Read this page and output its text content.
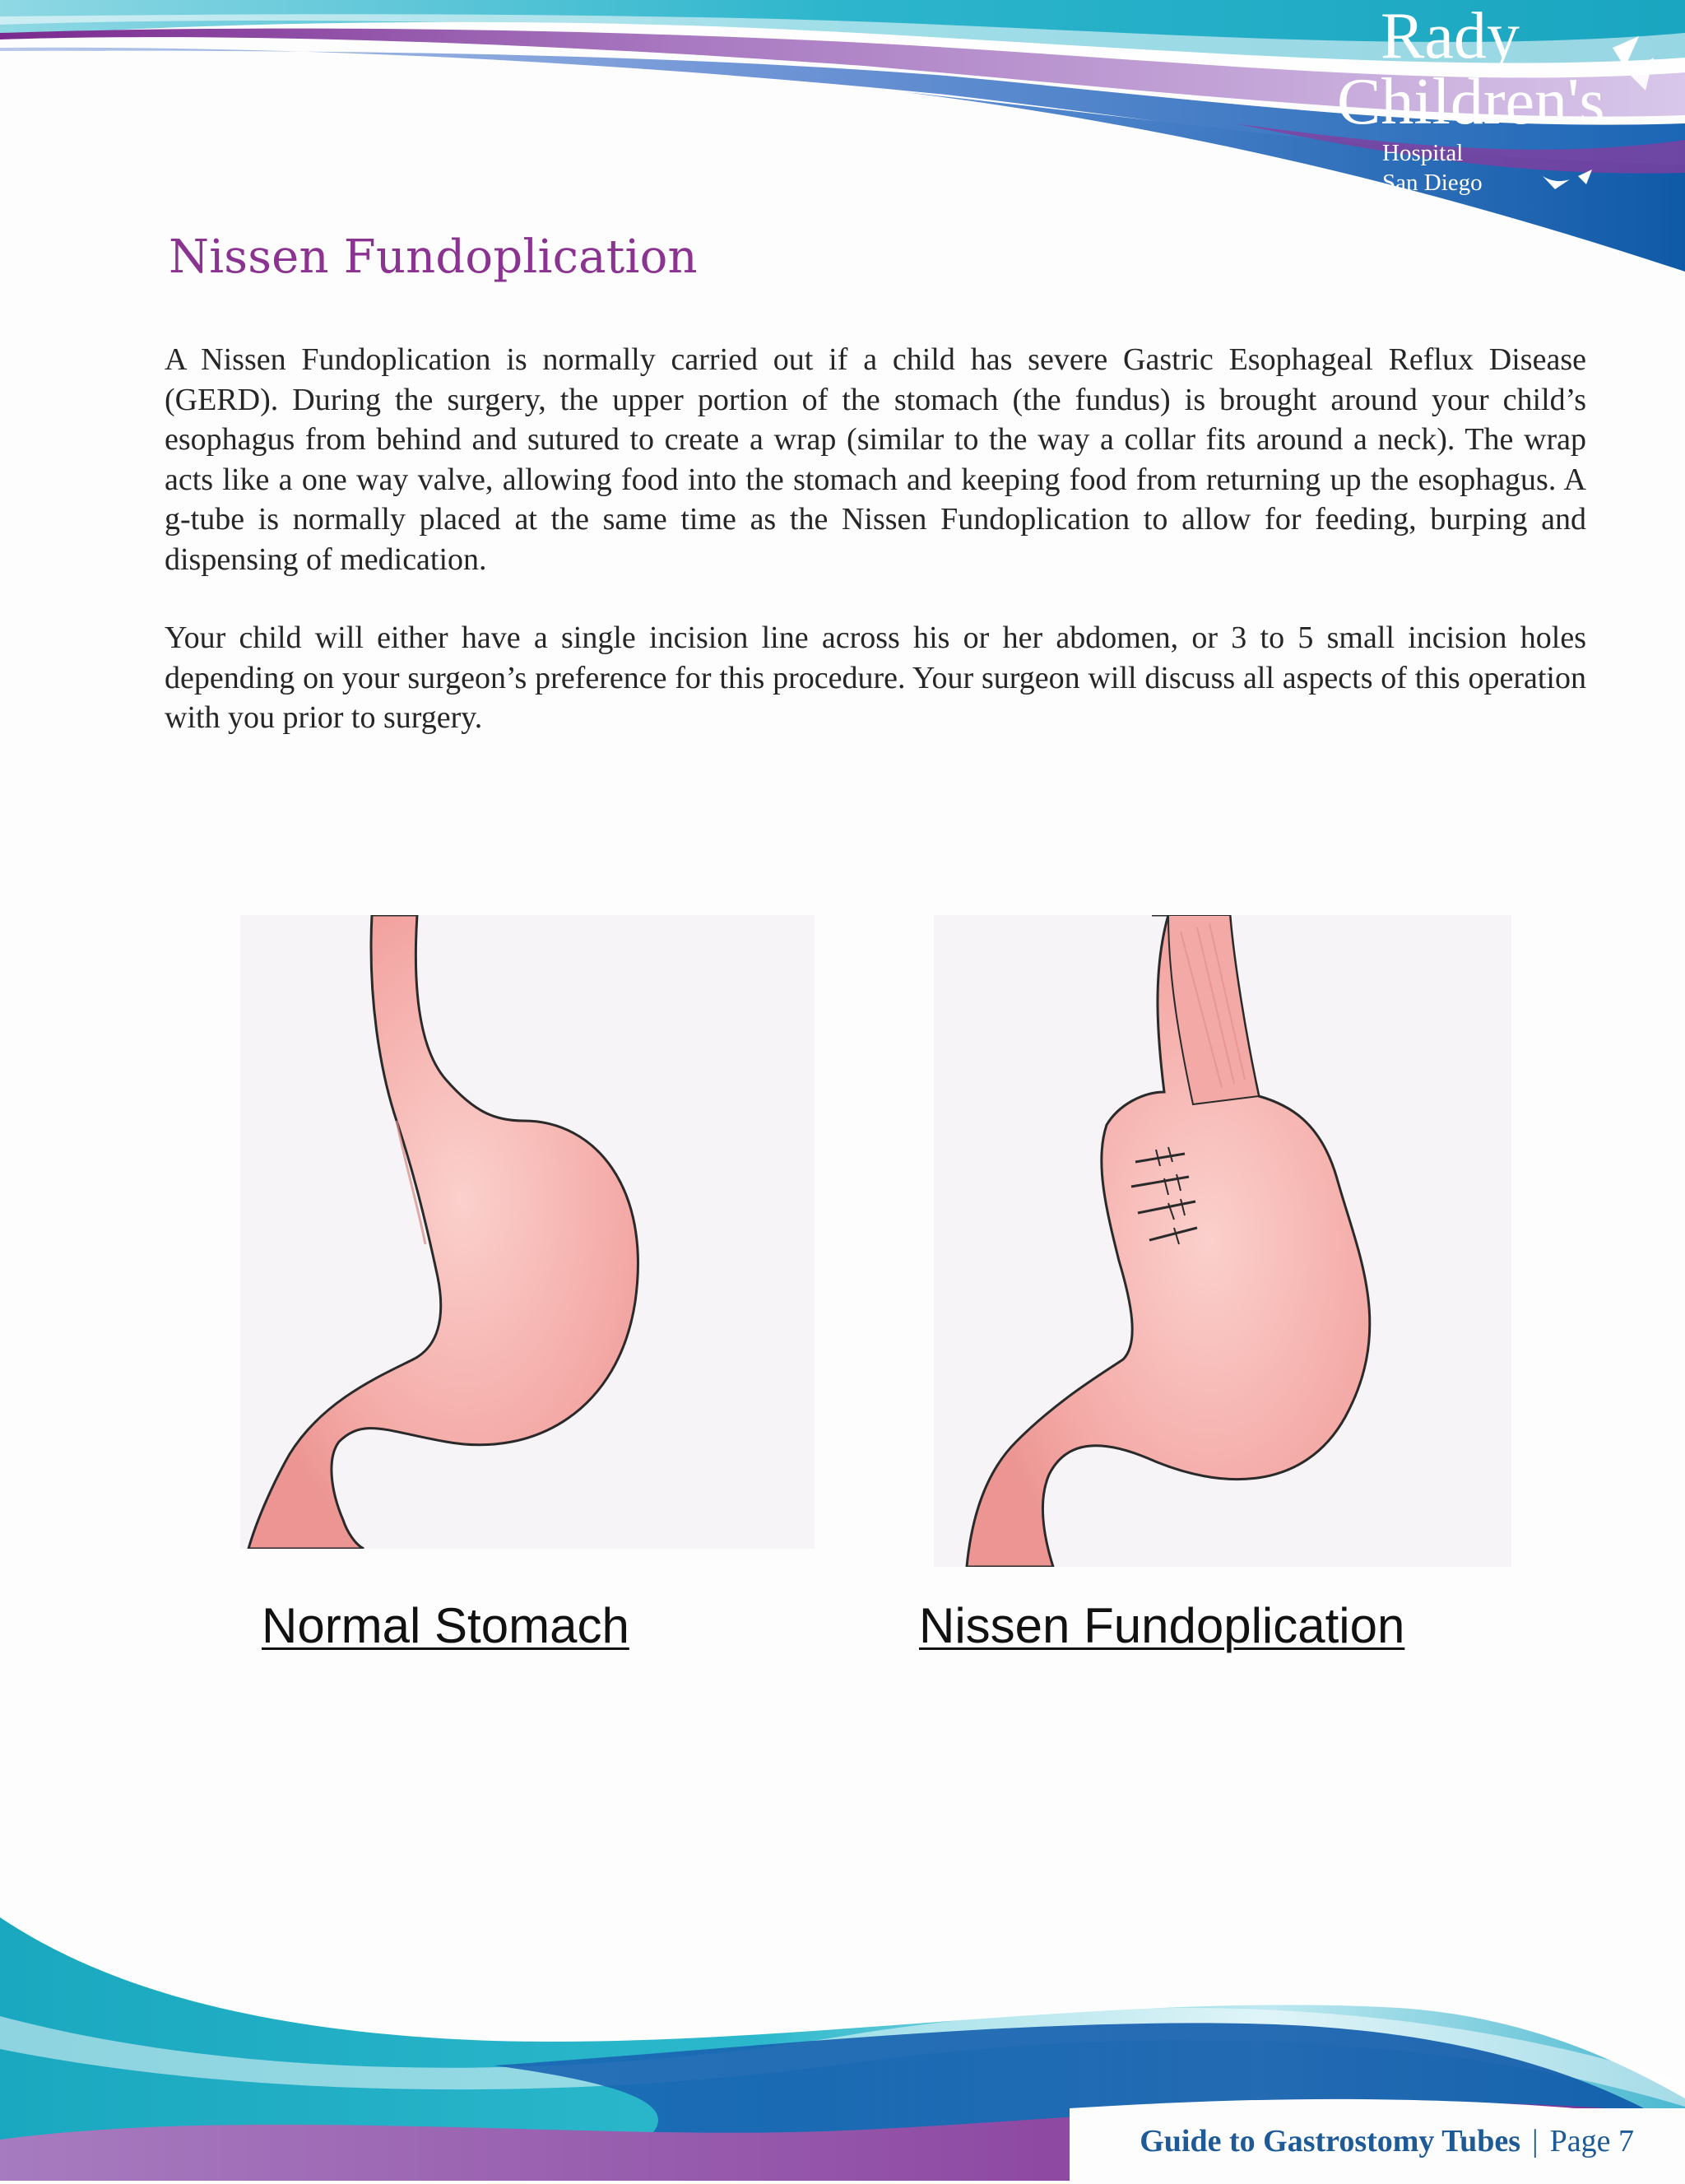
Rady
Children's
Hospital
San Diego
Nissen Fundoplication

A Nissen Fundoplication is normally carried out if a child has severe Gastric Esophageal Reflux Disease (GERD). During the surgery, the upper portion of the stomach (the fundus) is brought around your child’s esophagus from behind and sutured to create a wrap (similar to the way a collar fits around a neck). The wrap acts like a one way valve, allowing food into the stomach and keeping food from returning up the esophagus. A g-tube is normally placed at the same time as the Nissen Fundoplication to allow for feeding, burping and dispensing of medication.

Your child will either have a single incision line across his or her abdomen, or 3 to 5 small incision holes depending on your surgeon’s preference for this procedure. Your surgeon will discuss all aspects of this operation with you prior to surgery.

Normal Stomach	Nissen Fundoplication
Guide to Gastrostomy Tubes | Page 7
